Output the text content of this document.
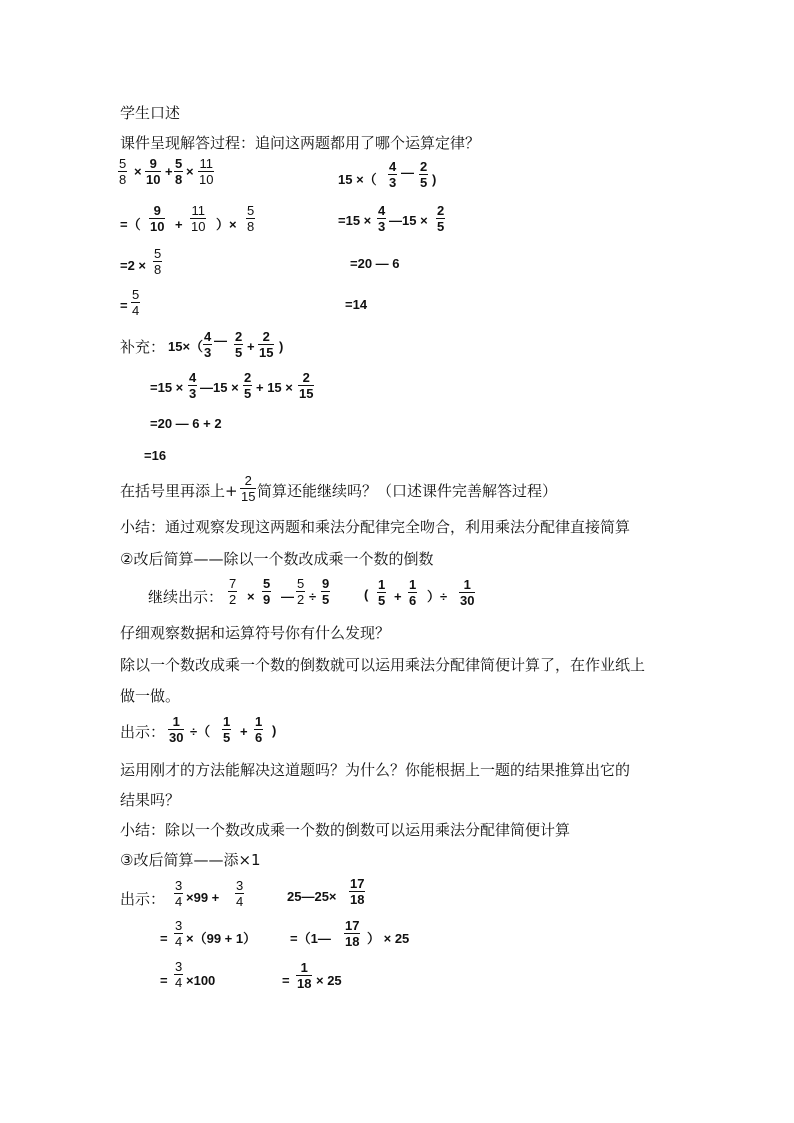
学生口述
课件呈现解答过程：追问这两题都用了哪个运算定律？
5
8
×
9
10
+
5
8
×
11
10
=（
9
10 +
11
10 ）×
5
8
=2 ×
5
8
=
5
4
15 ×（
4
3
— 2
5 )
=15 ×
4
3 —15 ×
2
5
=20 — 6
=14
补充： 15×（
4
3
— 2
5 +
2
15 )
=15 ×
4
3 —15 ×
2
5 + 15 ×
2
15
=20 — 6 + 2
=16
在括号里再添上+
2
15 简算还能继续吗？（口述课件完善解答过程）
小结：通过观察发现这两题和乘法分配律完全吻合，利用乘法分配律直接简算
②改后简算——除以一个数改成乘一个数的倒数
继续出示：
7
2 ×
5
9 —
5
2 ÷
9
5	(
1
5 +
1
6 ）÷
1
30
仔细观察数据和运算符号你有什么发现？
除以一个数改成乘一个数的倒数就可以运用乘法分配律简便计算了，在作业纸上
做一做。
出示：
1
30 ÷（
1
5 +
1
6 )
运用刚才的方法能解决这道题吗？为什么？你能根据上一题的结果推算出它的
结果吗？
小结：除以一个数改成乘一个数的倒数可以运用乘法分配律简便计算
③改后简算——添×1
出示：
3
4 ×99 +
3
4	25—25×
17
18
=
3
4 ×（99 + 1）	=（1—
17
18 ） × 25
=
3
4 ×100	=
1
18 × 25
